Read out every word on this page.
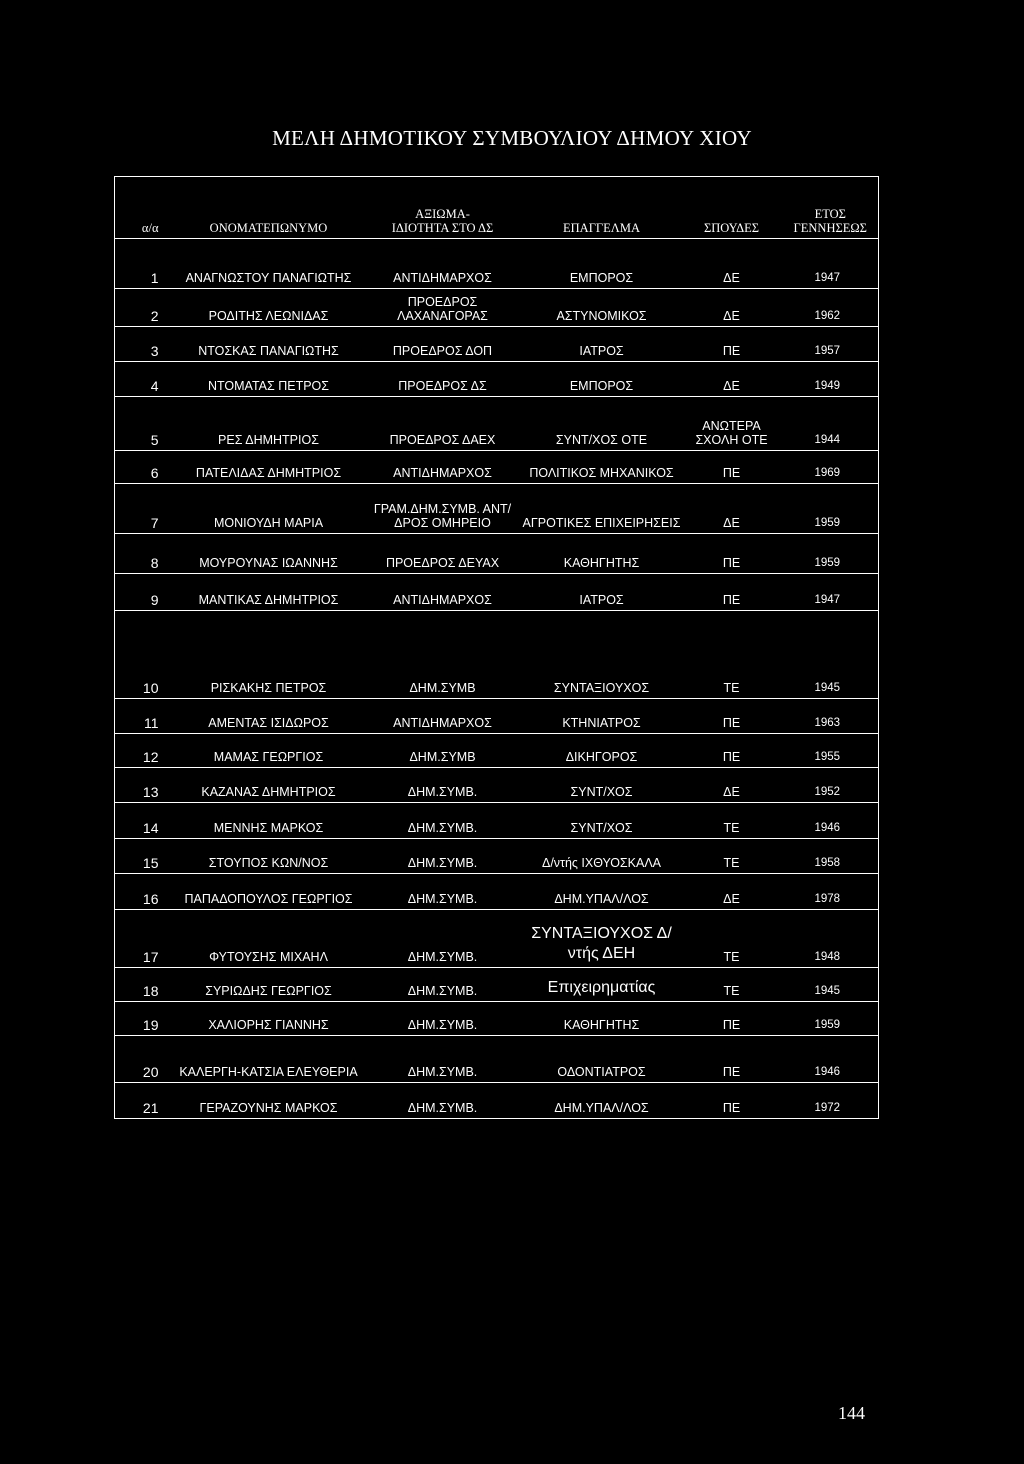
ΜΕΛΗ ΔΗΜΟΤΙΚΟΥ ΣΥΜΒΟΥΛΙΟΥ ΔΗΜΟΥ ΧΙΟΥ
α/α	ΟΝΟΜΑΤΕΠΩΝΥΜΟ	ΑΞΙΩΜΑ-ΙΔΙΟΤΗΤΑ ΣΤΟ ΔΣ	ΕΠΑΓΓΕΛΜΑ	ΣΠΟΥΔΕΣ	ΕΤΟΣ ΓΕΝΝΗΣΕΩΣ
1	ΑΝΑΓΝΩΣΤΟΥ ΠΑΝΑΓΙΩΤΗΣ	ΑΝΤΙΔΗΜΑΡΧΟΣ	ΕΜΠΟΡΟΣ	ΔΕ	1947
2	ΡΟΔΙΤΗΣ ΛΕΩΝΙΔΑΣ	ΠΡΟΕΔΡΟΣ ΛΑΧΑΝΑΓΟΡΑΣ	ΑΣΤΥΝΟΜΙΚΟΣ	ΔΕ	1962
3	ΝΤΟΣΚΑΣ ΠΑΝΑΓΙΩΤΗΣ	ΠΡΟΕΔΡΟΣ ΔΟΠ	ΙΑΤΡΟΣ	ΠΕ	1957
4	ΝΤΟΜΑΤΑΣ ΠΕΤΡΟΣ	ΠΡΟΕΔΡΟΣ ΔΣ	ΕΜΠΟΡΟΣ	ΔΕ	1949
5	ΡΕΣ ΔΗΜΗΤΡΙΟΣ	ΠΡΟΕΔΡΟΣ ΔΑΕΧ	ΣΥΝΤ/ΧΟΣ ΟΤΕ	ΑΝΩΤΕΡΑ ΣΧΟΛΗ ΟΤΕ	1944
6	ΠΑΤΕΛΙΔΑΣ ΔΗΜΗΤΡΙΟΣ	ΑΝΤΙΔΗΜΑΡΧΟΣ	ΠΟΛΙΤΙΚΟΣ ΜΗΧΑΝΙΚΟΣ	ΠΕ	1969
7	ΜΟΝΙΟΥΔΗ ΜΑΡΙΑ	ΓΡΑΜ.ΔΗΜ.ΣΥΜΒ. ΑΝΤ/ΔΡΟΣ ΟΜΗΡΕΙΟ	ΑΓΡΟΤΙΚΕΣ ΕΠΙΧΕΙΡΗΣΕΙΣ	ΔΕ	1959
8	ΜΟΥΡΟΥΝΑΣ ΙΩΑΝΝΗΣ	ΠΡΟΕΔΡΟΣ ΔΕΥΑΧ	ΚΑΘΗΓΗΤΗΣ	ΠΕ	1959
9	ΜΑΝΤΙΚΑΣ ΔΗΜΗΤΡΙΟΣ	ΑΝΤΙΔΗΜΑΡΧΟΣ	ΙΑΤΡΟΣ	ΠΕ	1947
10	ΡΙΣΚΑΚΗΣ ΠΕΤΡΟΣ	ΔΗΜ.ΣΥΜΒ	ΣΥΝΤΑΞΙΟΥΧΟΣ	ΤΕ	1945
11	ΑΜΕΝΤΑΣ ΙΣΙΔΩΡΟΣ	ΑΝΤΙΔΗΜΑΡΧΟΣ	ΚΤΗΝΙΑΤΡΟΣ	ΠΕ	1963
12	ΜΑΜΑΣ ΓΕΩΡΓΙΟΣ	ΔΗΜ.ΣΥΜΒ	ΔΙΚΗΓΟΡΟΣ	ΠΕ	1955
13	ΚΑΖΑΝΑΣ ΔΗΜΗΤΡΙΟΣ	ΔΗΜ.ΣΥΜΒ.	ΣΥΝΤ/ΧΟΣ	ΔΕ	1952
14	ΜΕΝΝΗΣ ΜΑΡΚΟΣ	ΔΗΜ.ΣΥΜΒ.	ΣΥΝΤ/ΧΟΣ	ΤΕ	1946
15	ΣΤΟΥΠΟΣ ΚΩΝ/ΝΟΣ	ΔΗΜ.ΣΥΜΒ.	Δ/ντής ΙΧΘΥΟΣΚΑΛΑ	ΤΕ	1958
16	ΠΑΠΑΔΟΠΟΥΛΟΣ ΓΕΩΡΓΙΟΣ	ΔΗΜ.ΣΥΜΒ.	ΔΗΜ.ΥΠΑΛ/ΛΟΣ	ΔΕ	1978
17	ΦΥΤΟΥΣΗΣ ΜΙΧΑΗΛ	ΔΗΜ.ΣΥΜΒ.	ΣΥΝΤΑΞΙΟΥΧΟΣ Δ/ντής ΔΕΗ	ΤΕ	1948
18	ΣΥΡΙΩΔΗΣ ΓΕΩΡΓΙΟΣ	ΔΗΜ.ΣΥΜΒ.	Επιχειρηματίας	ΤΕ	1945
19	ΧΑΛΙΟΡΗΣ ΓΙΑΝΝΗΣ	ΔΗΜ.ΣΥΜΒ.	ΚΑΘΗΓΗΤΗΣ	ΠΕ	1959
20	ΚΑΛΕΡΓΗ-ΚΑΤΣΙΑ ΕΛΕΥΘΕΡΙΑ	ΔΗΜ.ΣΥΜΒ.	ΟΔΟΝΤΙΑΤΡΟΣ	ΠΕ	1946
21	ΓΕΡΑΖΟΥΝΗΣ ΜΑΡΚΟΣ	ΔΗΜ.ΣΥΜΒ.	ΔΗΜ.ΥΠΑΛ/ΛΟΣ	ΠΕ	1972
144
